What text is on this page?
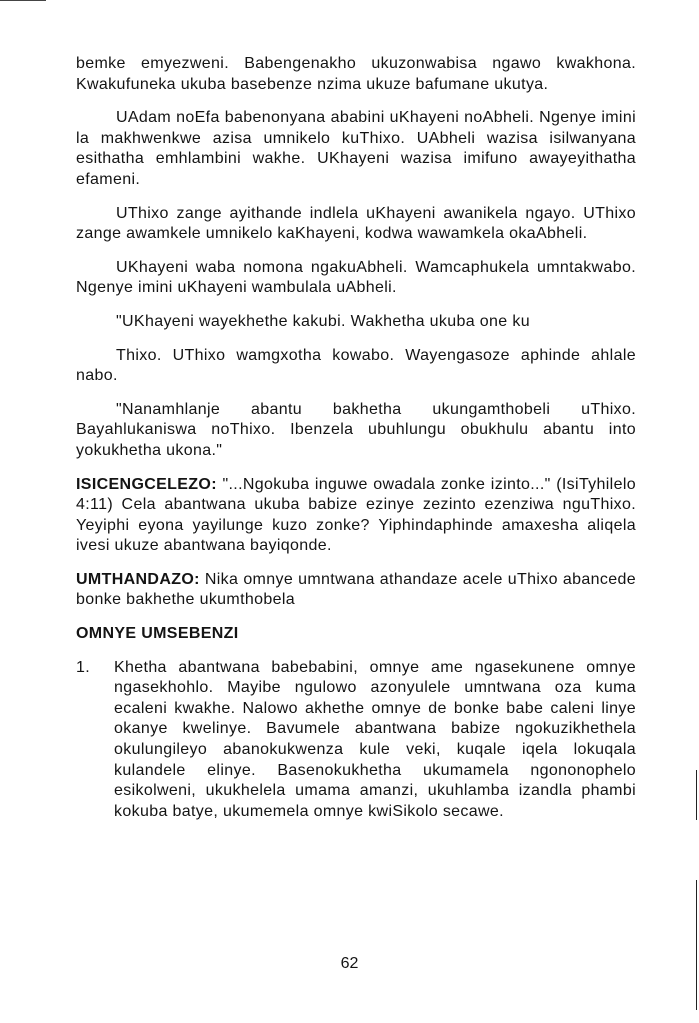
bemke emyezweni. Babengenakho ukuzonwabisa ngawo kwakhona. Kwakufuneka ukuba basebenze nzima ukuze bafumane ukutya.

UAdam noEfa babenonyana ababini uKhayeni noAbheli. Ngenye imini la makhwenkwe azisa umnikelo kuThixo. UAbheli wazisa isilwanyana esithatha emhlambini wakhe. UKhayeni wazisa imifuno awayeyithatha efameni.

UThixo zange ayithande indlela uKhayeni awanikela ngayo. UThixo zange awamkele umnikelo kaKhayeni, kodwa wawamkela okaAbheli.

UKhayeni waba nomona ngakuAbheli. Wamcaphukela umntakwabo. Ngenye imini uKhayeni wambulala uAbheli.

"UKhayeni wayekhethe kakubi. Wakhetha ukuba one ku

Thixo. UThixo wamgxotha kowabo. Wayengasoze aphinde ahlale nabo.

"Nanamhlanje abantu bakhetha ukungamthobeli uThixo. Bayahlukaniswa noThixo. Ibenzela ubuhlungu obukhulu abantu into yokukhetha ukona."

ISICENGCELEZO: "...Ngokuba inguwe owadala zonke izinto..." (IsiTyhilelo 4:11) Cela abantwana ukuba babize ezinye zezinto ezenziwa nguThixo. Yeyiphi eyona yayilunge kuzo zonke? Yiphindaphinde amaxesha aliqela ivesi ukuze abantwana bayiqonde.

UMTHANDAZO: Nika omnye umntwana athandaze acele uThixo abancede bonke bakhethe ukumthobela

OMNYE UMSEBENZI
1.	Khetha abantwana babebabini, omnye ame ngasekunene omnye ngasekhohlo. Mayibe ngulowo azonyulele umntwana oza kuma ecaleni kwakhe. Nalowo akhethe omnye de bonke babe caleni linye okanye kwelinye. Bavumele abantwana babize ngokuzikhethela okulungileyo abanokukwenza kule veki, kuqale iqela lokuqala kulandele elinye. Basenokukhetha ukumamela ngononophelo esikolweni, ukukhelela umama amanzi, ukuhlamba izandla phambi kokuba batye, ukumemela omnye kwiSikolo secawe.
62
